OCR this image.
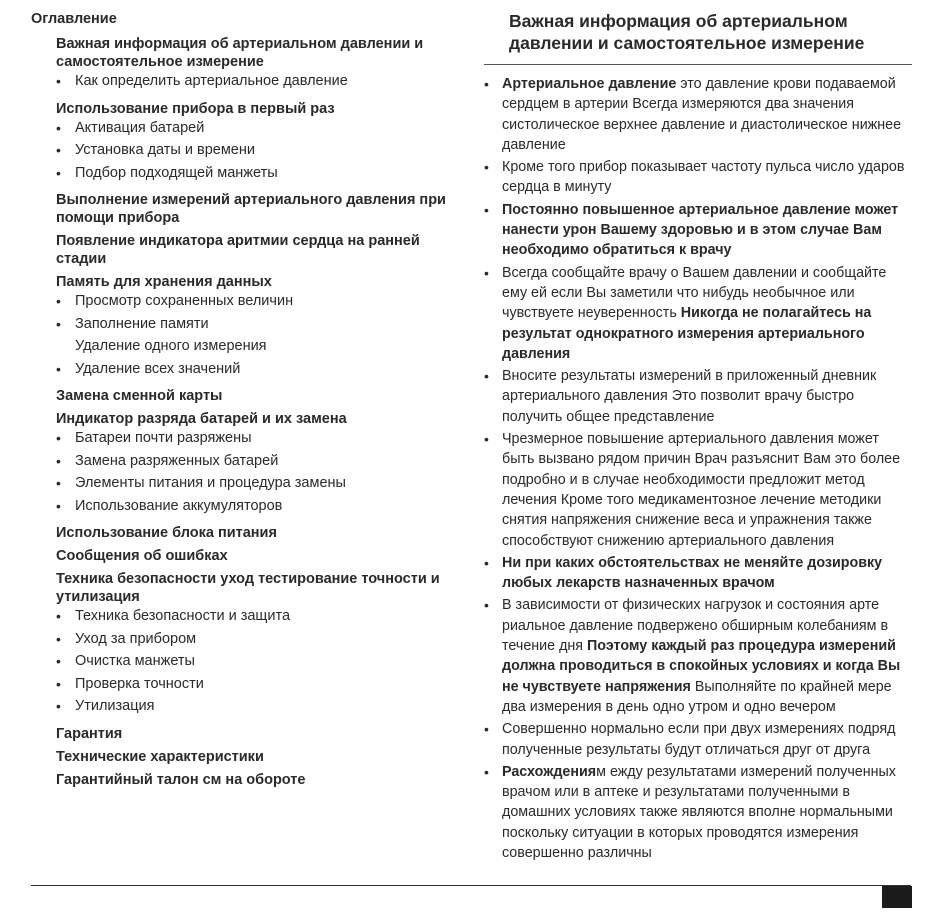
Оглавление
Важная информация об артериальном давлении и самостоятельное измерение
• Как определить артериальное давление
Использование прибора в первый раз
• Активация батарей
• Установка даты и времени
• Подбор подходящей манжеты
Выполнение измерений артериального давления при помощи прибора
Появление индикатора аритмии сердца на ранней стадии
Память для хранения данных
• Просмотр сохраненных величин
• Заполнение памяти
Удаление одного измерения
• Удаление всех значений
Замена сменной карты
Индикатор разряда батарей и их замена
• Батареи почти разряжены
• Замена разряженных батарей
• Элементы питания и процедура замены
• Использование аккумуляторов
Использование блока питания
Сообщения об ошибках
Техника безопасности уход тестирование точности и утилизация
• Техника безопасности и защита
• Уход за прибором
• Очистка манжеты
• Проверка точности
• Утилизация
Гарантия
Технические характеристики
Гарантийный талон см на обороте
Важная информация об артериальном давлении и самостоятельное измерение
• Артериальное давление это давление крови подаваемой сердцем в артерии Всегда измеряются два значения систолическое верхнее давление и диастолическое нижнее давление
• Кроме того прибор показывает частоту пульса число ударов сердца в минуту
• Постоянно повышенное артериальное давление может нанести урон Вашему здоровью и в этом случае Вам необходимо обратиться к врачу
• Всегда сообщайте врачу о Вашем давлении и сообщайте ему ей если Вы заметили что нибудь необычное или чувствуете неуверенность Никогда не полагайтесь на результат однократного измерения артериального давления
• Вносите результаты измерений в приложенный дневник артериального давления Это позволит врачу быстро получить общее представление
• Чрезмерное повышение артериального давления может быть вызвано рядом причин Врач разъяснит Вам это более подробно и в случае необходимости предложит метод лечения Кроме того медикаментозное лечение методики снятия напряжения снижение веса и упражнения также способствуют снижению артериального давления
• Ни при каких обстоятельствах не меняйте дозировку любых лекарств назначенных врачом
• В зависимости от физических нагрузок и состояния арте риальное давление подвержено обширным колебаниям в течение дня Поэтому каждый раз процедура измерений должна проводиться в спокойных условиях и когда Вы не чувствуете напряжения Выполняйте по крайней мере два измерения в день одно утром и одно вечером
• Совершенно нормально если при двух измерениях подряд полученные результаты будут отличаться друг от друга
• Расхождениям ежду результатами измерений полученных врачом или в аптеке и результатами полученными в домашних условиях также являются вполне нормальными поскольку ситуации в которых проводятся измерения совершенно различны
